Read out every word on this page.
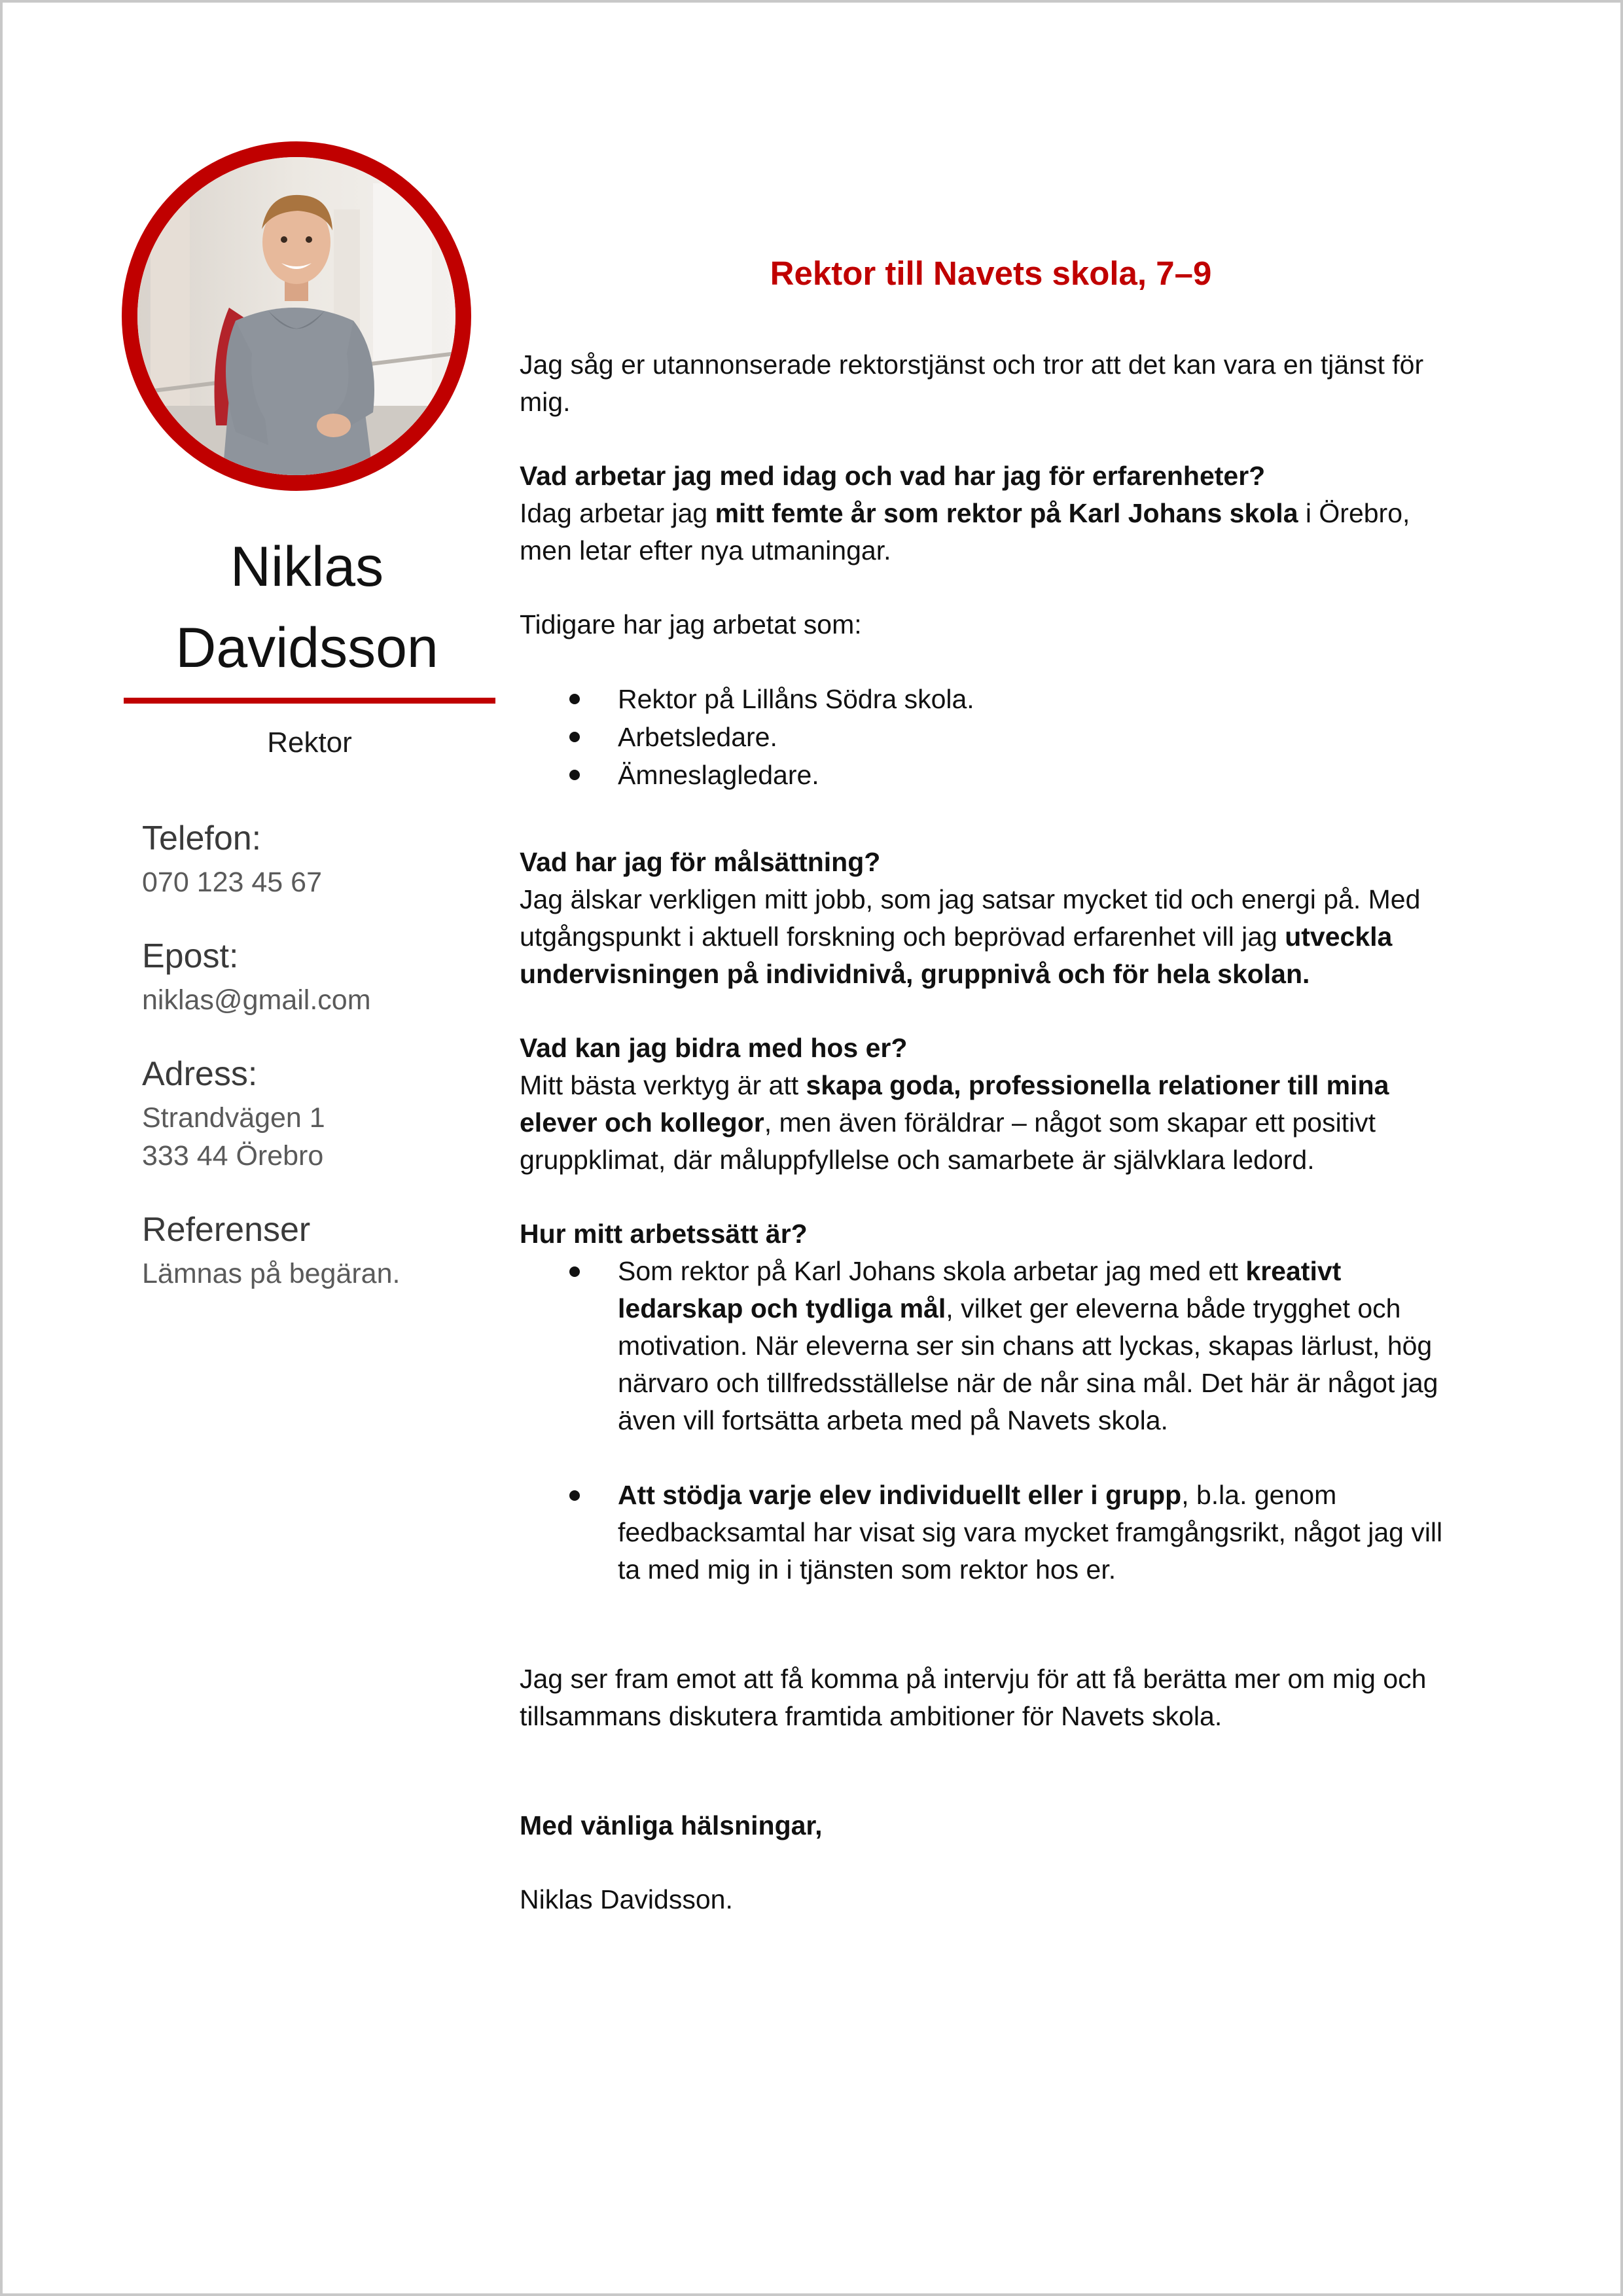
Niklas
Davidsson
Rektor
Telefon:
070 123 45 67
Epost:
niklas@gmail.com
Adress:
Strandvägen 1
333 44 Örebro
Referenser
Lämnas på begäran.
Rektor till Navets skola, 7–9

Jag såg er utannonserade rektorstjänst och tror att det kan vara en tjänst för mig.

Vad arbetar jag med idag och vad har jag för erfarenheter?

Idag arbetar jag mitt femte år som rektor på Karl Johans skola i Örebro, men letar efter nya utmaningar.

Tidigare har jag arbetat som:

Rektor på Lillåns Södra skola.
Arbetsledare.
Ämneslagledare.

Vad har jag för målsättning?

Jag älskar verkligen mitt jobb, som jag satsar mycket tid och energi på. Med utgångspunkt i aktuell forskning och beprövad erfarenhet vill jag utveckla undervisningen på individnivå, gruppnivå och för hela skolan.

Vad kan jag bidra med hos er?

Mitt bästa verktyg är att skapa goda, professionella relationer till mina elever och kollegor, men även föräldrar – något som skapar ett positivt gruppklimat, där måluppfyllelse och samarbete är självklara ledord.

Hur mitt arbetssätt är?

Som rektor på Karl Johans skola arbetar jag med ett kreativt ledarskap och tydliga mål, vilket ger eleverna både trygghet och motivation. När eleverna ser sin chans att lyckas, skapas lärlust, hög närvaro och tillfredsställelse när de når sina mål. Det här är något jag även vill fortsätta arbeta med på Navets skola.
Att stödja varje elev individuellt eller i grupp, b.la. genom feedbacksamtal har visat sig vara mycket framgångsrikt, något jag vill ta med mig in i tjänsten som rektor hos er.

Jag ser fram emot att få komma på intervju för att få berätta mer om mig och tillsammans diskutera framtida ambitioner för Navets skola.

Med vänliga hälsningar,

Niklas Davidsson.
